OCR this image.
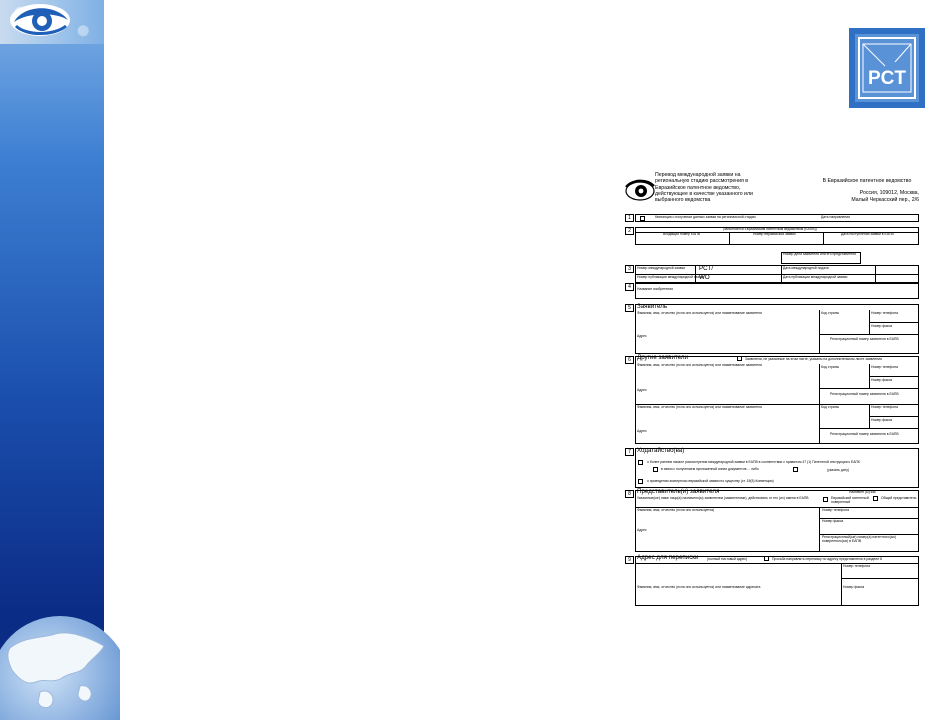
PCT
Перевод международной заявки на
региональную стадию рассмотрения в
Евразийское патентное ведомство,
действующее в качестве указанного или
выбранного ведомства
В Евразийское патентное ведомство
Россия, 109012, Москва,
Малый Черкасский пер., 2/6
1	Квитанция о получении данных заявки на региональной стадии	Дата направления
2	(заполняется Евразийским патентным ведомством (ЕАПВ))
Входящий номер ЕАПВ	Номер евразийской заявки	Дата поступления заявки в ЕАПВ
Номер дела заявителя или его представителя
3	Номер международной заявки PCT/	Дата международной подачи
Номер публикации международной заявки
WO	Дата публикации международной заявки
4	Название изобретения
5 Заявитель
Фамилия, имя, отчество (если оно используется) или наименование заявителя
Адрес
Код страны	Номер телефона
Номер факса
Регистрационный номер заявителя в ЕАПВ
6 Другие заявители	Заявители, не указанные на этом листе, указаны на дополнительном листе заявления
Фамилия, имя, отчество (если оно используется) или наименование заявителя
Адрес
Код страны	Номер телефона
Номер факса
Регистрационный номер заявителя в ЕАПВ
Фамилия, имя, отчество (если оно используется) или наименование заявителя
Адрес
Код страны	Номер телефона
Номер факса
Регистрационный номер заявителя в ЕАПВ
7 Ходатайство(ва)
о более раннем начале рассмотрения международной заявки в ЕАПВ в соответствии с правилом 47 (1) Патентной инструкции к ЕАПК
в связи с получением приложенной копии документов ... либо	(указать дату)
о проведении экспертизы евразийской заявки по существу (ст. 15(5) Конвенции)
8 Представитель(и) заявителя	Назначен (ы) как
Евразийский патентный поверенный
Общий представитель
Указанное(ые) ниже лицо(а) назначено(ы) заявителем (заявителями), действовать от его (их) имени в ЕАПВ
Фамилия, имя, отчество (если оно используется)
Адрес
Номер телефона
Номер факса
Регистрационный(ые) номер(а) патентного(ых) поверенного(ых) в ЕАПВ
9 Адрес для переписки	(полный почтовый адрес)	Просьба направлять переписку по адресу представителя в разделе 8
Номер телефона
Фамилия, имя, отчество (если оно используется) или наименование адресата	Номер факса
